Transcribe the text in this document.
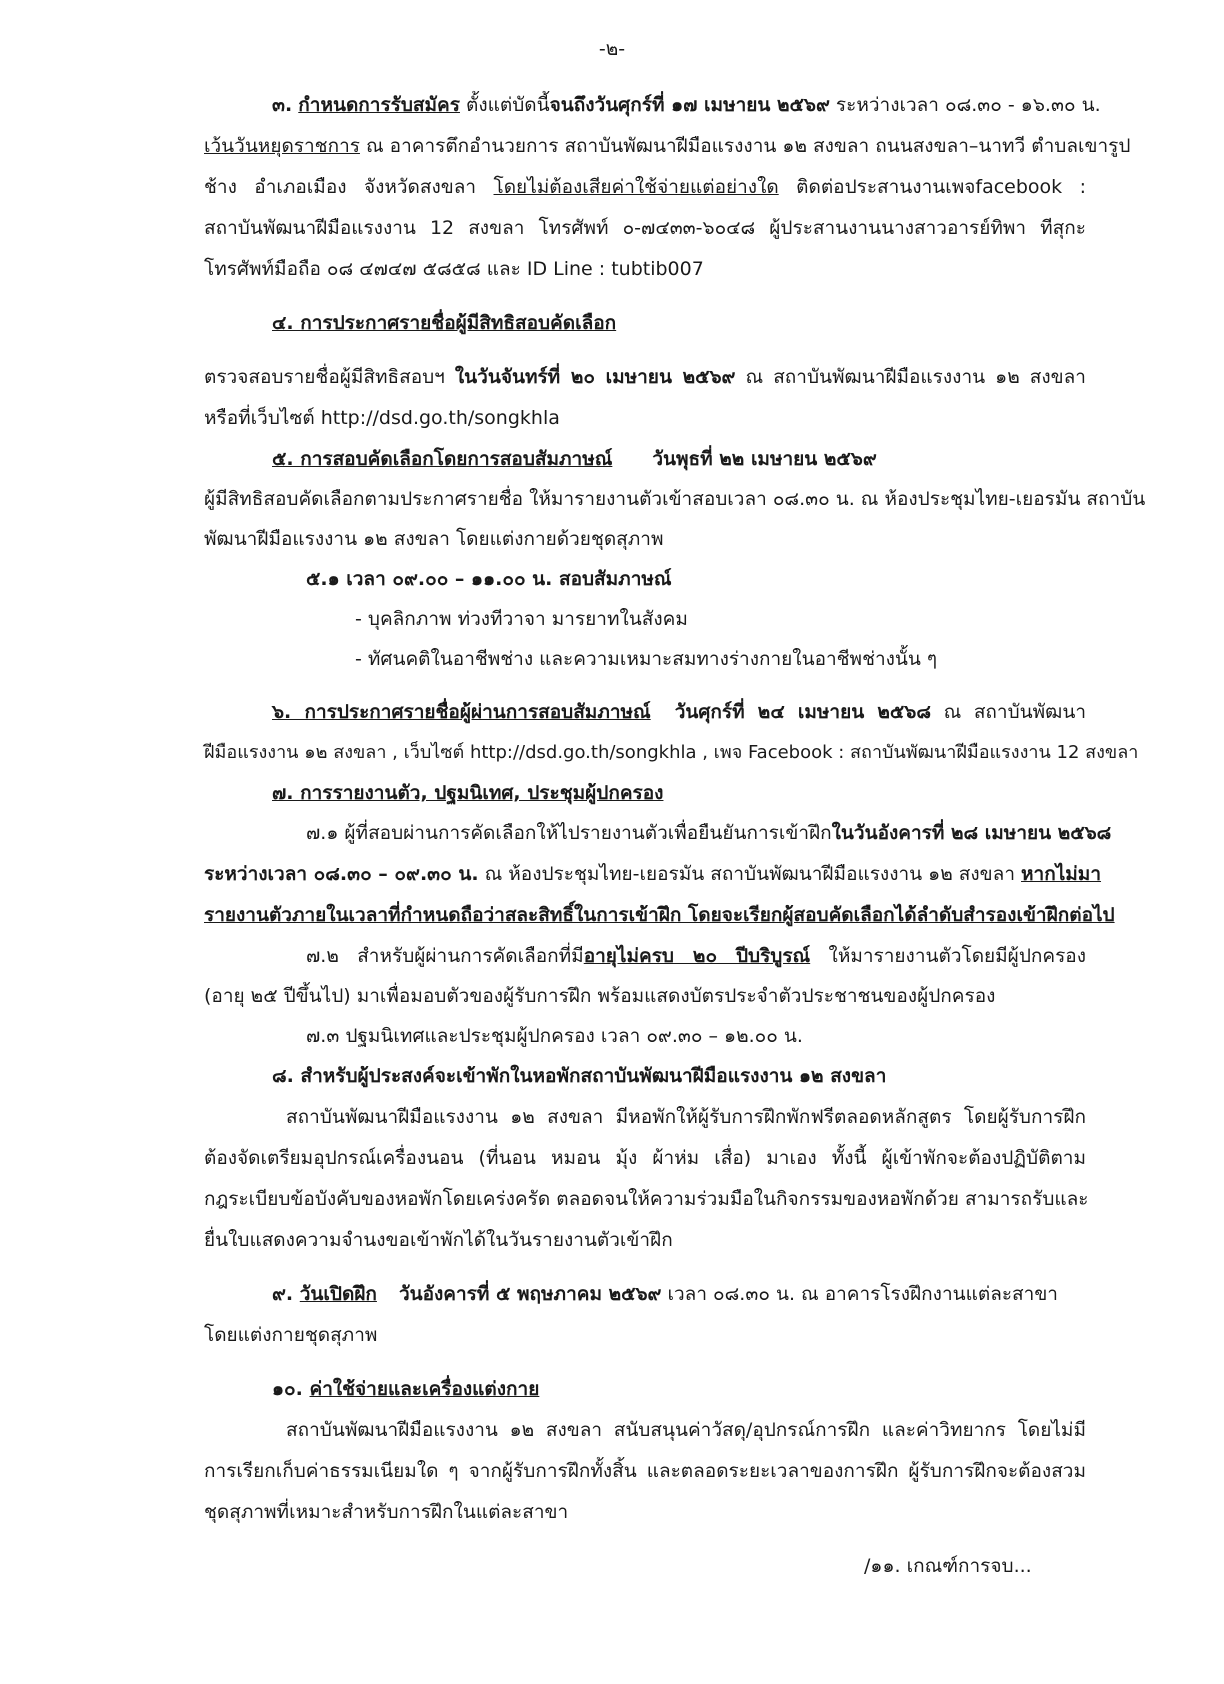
-๒-
๓. กำหนดการรับสมัคร ตั้งแต่บัดนี้จนถึงวันศุกร์ที่ ๑๗ เมษายน ๒๕๖๙ ระหว่างเวลา ๐๘.๓๐ - ๑๖.๓๐ น.
เว้นวันหยุดราชการ ณ อาคารตึกอำนวยการ สถาบันพัฒนาฝีมือแรงงาน ๑๒ สงขลา ถนนสงขลา–นาทวี ตำบลเขารูป
ช้าง อำเภอเมือง จังหวัดสงขลา โดยไม่ต้องเสียค่าใช้จ่ายแต่อย่างใด ติดต่อประสานงานเพจfacebook :
สถาบันพัฒนาฝีมือแรงงาน 12 สงขลา โทรศัพท์ ๐-๗๔๓๓-๖๐๔๘ ผู้ประสานงานนางสาวอารย์ทิพา ทีสุกะ
โทรศัพท์มือถือ ๐๘ ๔๗๔๗ ๕๘๕๘ และ ID Line : tubtib007
๔. การประกาศรายชื่อผู้มีสิทธิสอบคัดเลือก
ตรวจสอบรายชื่อผู้มีสิทธิสอบฯ ในวันจันทร์ที่ ๒๐ เมษายน ๒๕๖๙ ณ สถาบันพัฒนาฝีมือแรงงาน ๑๒ สงขลา
หรือที่เว็บไซต์ http://dsd.go.th/songkhla
๕. การสอบคัดเลือกโดยการสอบสัมภาษณ์ วันพุธที่ ๒๒ เมษายน ๒๕๖๙
ผู้มีสิทธิสอบคัดเลือกตามประกาศรายชื่อ ให้มารายงานตัวเข้าสอบเวลา ๐๘.๓๐ น. ณ ห้องประชุมไทย-เยอรมัน สถาบัน
พัฒนาฝีมือแรงงาน ๑๒ สงขลา โดยแต่งกายด้วยชุดสุภาพ
๕.๑ เวลา ๐๙.๐๐ – ๑๑.๐๐ น. สอบสัมภาษณ์
- บุคลิกภาพ ท่วงทีวาจา มารยาทในสังคม
- ทัศนคติในอาชีพช่าง และความเหมาะสมทางร่างกายในอาชีพช่างนั้น ๆ
๖. การประกาศรายชื่อผู้ผ่านการสอบสัมภาษณ์ วันศุกร์ที่ ๒๔ เมษายน ๒๕๖๘ ณ สถาบันพัฒนา
ฝีมือแรงงาน ๑๒ สงขลา , เว็บไซต์ http://dsd.go.th/songkhla , เพจ Facebook : สถาบันพัฒนาฝีมือแรงงาน 12 สงขลา
๗. การรายงานตัว, ปฐมนิเทศ, ประชุมผู้ปกครอง
๗.๑ ผู้ที่สอบผ่านการคัดเลือกให้ไปรายงานตัวเพื่อยืนยันการเข้าฝึกในวันอังคารที่ ๒๘ เมษายน ๒๕๖๘
ระหว่างเวลา ๐๘.๓๐ – ๐๙.๓๐ น. ณ ห้องประชุมไทย-เยอรมัน สถาบันพัฒนาฝีมือแรงงาน ๑๒ สงขลา หากไม่มา
รายงานตัวภายในเวลาที่กำหนดถือว่าสละสิทธิ์ในการเข้าฝึก โดยจะเรียกผู้สอบคัดเลือกได้ลำดับสำรองเข้าฝึกต่อไป
๗.๒ สำหรับผู้ผ่านการคัดเลือกที่มีอายุไม่ครบ ๒๐ ปีบริบูรณ์ ให้มารายงานตัวโดยมีผู้ปกครอง
(อายุ ๒๕ ปีขึ้นไป) มาเพื่อมอบตัวของผู้รับการฝึก พร้อมแสดงบัตรประจำตัวประชาชนของผู้ปกครอง
๗.๓ ปฐมนิเทศและประชุมผู้ปกครอง เวลา ๐๙.๓๐ – ๑๒.๐๐ น.
๘. สำหรับผู้ประสงค์จะเข้าพักในหอพักสถาบันพัฒนาฝีมือแรงงาน ๑๒ สงขลา
สถาบันพัฒนาฝีมือแรงงาน ๑๒ สงขลา มีหอพักให้ผู้รับการฝึกพักฟรีตลอดหลักสูตร โดยผู้รับการฝึก
ต้องจัดเตรียมอุปกรณ์เครื่องนอน (ที่นอน หมอน มุ้ง ผ้าห่ม เสื่อ) มาเอง ทั้งนี้ ผู้เข้าพักจะต้องปฏิบัติตาม
กฎระเบียบข้อบังคับของหอพักโดยเคร่งครัด ตลอดจนให้ความร่วมมือในกิจกรรมของหอพักด้วย สามารถรับและ
ยื่นใบแสดงความจำนงขอเข้าพักได้ในวันรายงานตัวเข้าฝึก
๙. วันเปิดฝึก วันอังคารที่ ๕ พฤษภาคม ๒๕๖๙ เวลา ๐๘.๓๐ น. ณ อาคารโรงฝึกงานแต่ละสาขา
โดยแต่งกายชุดสุภาพ
๑๐. ค่าใช้จ่ายและเครื่องแต่งกาย
สถาบันพัฒนาฝีมือแรงงาน ๑๒ สงขลา สนับสนุนค่าวัสดุ/อุปกรณ์การฝึก และค่าวิทยากร โดยไม่มี
การเรียกเก็บค่าธรรมเนียมใด ๆ จากผู้รับการฝึกทั้งสิ้น และตลอดระยะเวลาของการฝึก ผู้รับการฝึกจะต้องสวม
ชุดสุภาพที่เหมาะสำหรับการฝึกในแต่ละสาขา
/๑๑. เกณฑ์การจบ...
